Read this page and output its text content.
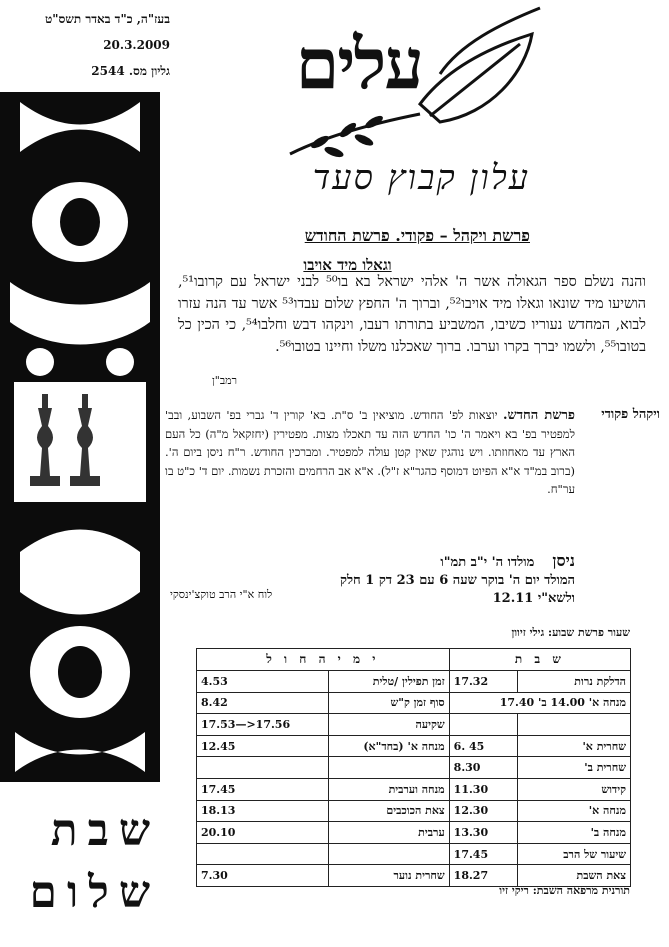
בעז"ה, כ"ד באדר תשס"ט
20.3.2009
גליון מס. 2544
שבת
שלום
עלים
עלון קבוץ סעד
פרשת ויקהל – פקודי. פרשת החודש
וגאלו מיד אויבו
והנה נשלם ספר הגאולה אשר ה' אלהי ישראל בא בו⁵⁰ לבני ישראל עם קרובו⁵¹, הושיעו מיד שונאו וגאלו מיד אויבו⁵², וברוך ה' החפץ שלום עבדו⁵³ אשר עד הנה עזרו לבוא, המחדש נעוריו כשיבו, המשביע בתורתו רעבו, וינקהו דבש וחלבו⁵⁴, כי הכין כל בטובו⁵⁵, ולשמו יברך בקרו וערבו. ברוך שאכלנו משלו וחיינו בטובו⁵⁶.
רמב"ן
ויקהל פקודי
פרשת החדש. יוצאות לפ' החודש. מוציאין ב' ס"ת. בא' קורין ד' גברי בפ' השבוע, ובב' למפטיר בפ' בא ויאמר ה' כו' החדש הזה עד תאכלו מצות. מפטירין (יחזקאל מ"ה) כל העם הארץ עד מאחוזתו. ויש נוהגין שאין קטן עולה למפטיר. ומברכין החודש. ר"ח ניסן ביום ה'. (ברוב במ"ד א"א הפיוט דמוסף כהגר"א ז"ל). א"א אב הרחמים והזכרת נשמות. יום ד' כ"ט בו ער"ח.
ניסן    מולדו ה' י"ב תמ"ו
המולד יום ה' בוקר שעה 6 עם 23 דק 1 חלק
ולשא"י 12.11
לוח א"י הרב טוקצ'ינסקי
שעור פרשת שבוע: גילי זיוון
ש ב ת		י מ י ה ח ו ל	
הדלקת נרות	17.32	זמן תפילין /טלית	4.53
מנחה א' 14.00 ב' 17.40		סוף זמן ק"ש	8.42
		שקיעה	17.53—>17.56
שחרית א'	6. 45	מנחה א' (בחד"א)	12.45
שחרית ב'	8.30		
קידוש	11.30	מנחה וערבית	17.45
מנחה א'	12.30	צאת הכוכבים	18.13
מנחה ב'	13.30	ערבית	20.10
שיעור של הרב	17.45		
צאת השבת	18.27	שחרית נוער	7.30
תורנית מרפאה השבת: ריקי זיו
